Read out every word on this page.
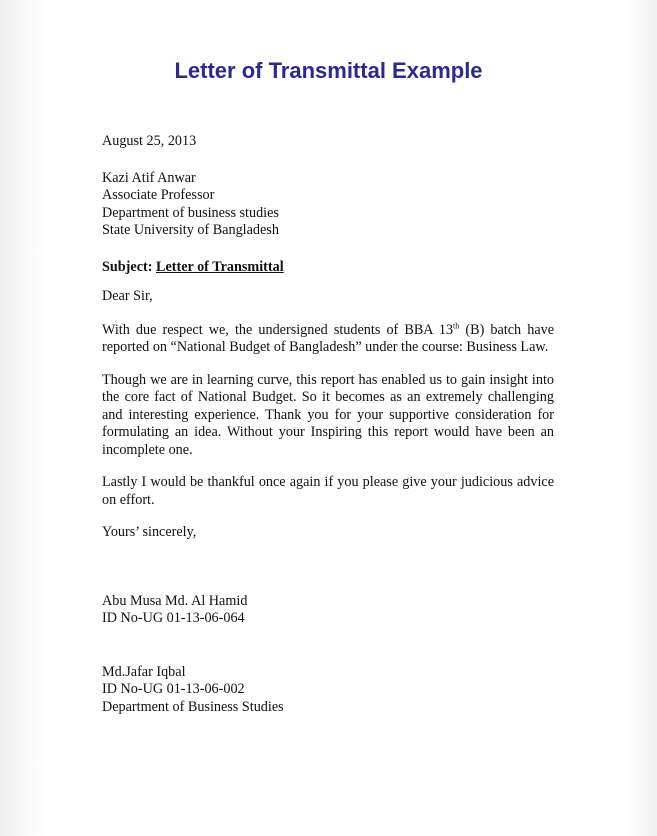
Letter of Transmittal Example

August 25, 2013

Kazi Atif Anwar
Associate Professor
Department of business studies
State University of Bangladesh

Subject: Letter of Transmittal

Dear Sir,

With due respect we, the undersigned students of BBA 13th (B) batch have reported on “National Budget of Bangladesh” under the course: Business Law.

Though we are in learning curve, this report has enabled us to gain insight into the core fact of National Budget. So it becomes as an extremely challenging and interesting experience. Thank you for your supportive consideration for formulating an idea. Without your Inspiring this report would have been an incomplete one.

Lastly I would be thankful once again if you please give your judicious advice on effort.

Yours’ sincerely,

Abu Musa Md. Al Hamid
ID No-UG 01-13-06-064
Md.Jafar Iqbal
ID No-UG 01-13-06-002
Department of Business Studies
